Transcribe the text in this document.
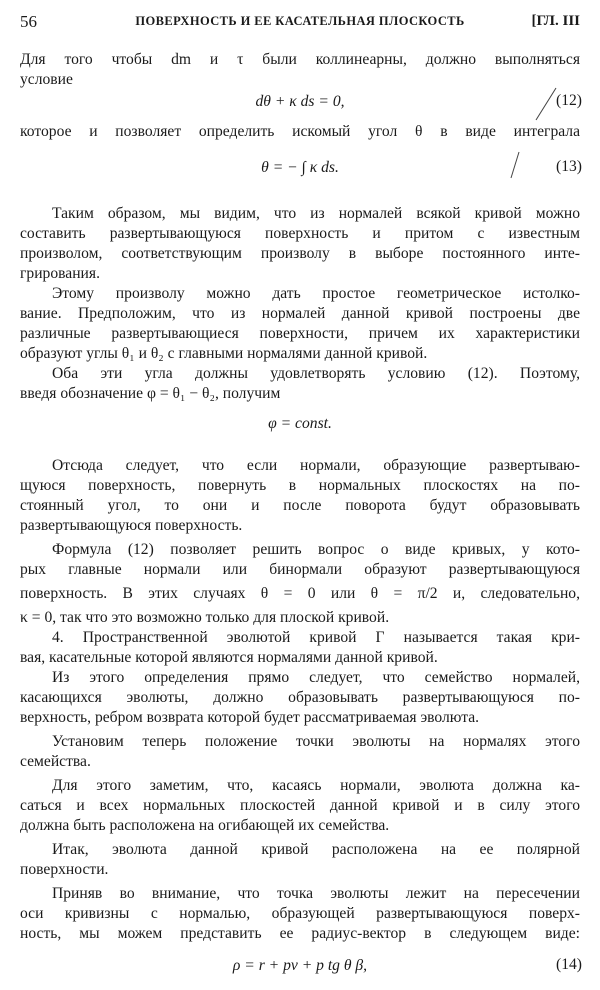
56	ПОВЕРХНОСТЬ И ЕЕ КАСАТЕЛЬНАЯ ПЛОСКОСТЬ	[ГЛ. III
Для того чтобы dm и τ были коллинеарны, должно выполняться
условие
dθ + κ ds = 0,	(12)
которое и позволяет определить искомый угол θ в виде интеграла
θ = − ∫ κ ds.	(13)
Таким образом, мы видим, что из нормалей всякой кривой можно
составить развертывающуюся поверхность и притом с известным
произволом, соответствующим произволу в выборе постоянного инте-
грирования.
Этому произволу можно дать простое геометрическое истолко-
вание. Предположим, что из нормалей данной кривой построены две
различные развертывающиеся поверхности, причем их характеристики
образуют углы θ₁ и θ₂ с главными нормалями данной кривой.
Оба эти угла должны удовлетворять условию (12). Поэтому,
введя обозначение φ = θ₁ − θ₂, получим
φ = const.
Отсюда следует, что если нормали, образующие развертываю-
щуюся поверхность, повернуть в нормальных плоскостях на по-
стоянный угол, то они и после поворота будут образовывать
развертывающуюся поверхность.
Формула (12) позволяет решить вопрос о виде кривых, у кото-
рых главные нормали или бинормали образуют развертывающуюся
поверхность. В этих случаях θ = 0 или θ = π/2 и, следовательно,
κ = 0, так что это возможно только для плоской кривой.
4. Пространственной эволютой кривой Γ называется такая кри-
вая, касательные которой являются нормалями данной кривой.
Из этого определения прямо следует, что семейство нормалей,
касающихся эволюты, должно образовывать развертывающуюся по-
верхность, ребром возврата которой будет рассматриваемая эволюта.
Установим теперь положение точки эволюты на нормалях этого
семейства.
Для этого заметим, что, касаясь нормали, эволюта должна ка-
саться и всех нормальных плоскостей данной кривой и в силу этого
должна быть расположена на огибающей их семейства.
Итак, эволюта данной кривой расположена на ее полярной
поверхности.
Приняв во внимание, что точка эволюты лежит на пересечении
оси кривизны с нормалью, образующей развертывающуюся поверх-
ность, мы можем представить ее радиус-вектор в следующем виде:
ρ = r + pν + p tg θ β,	(14)
